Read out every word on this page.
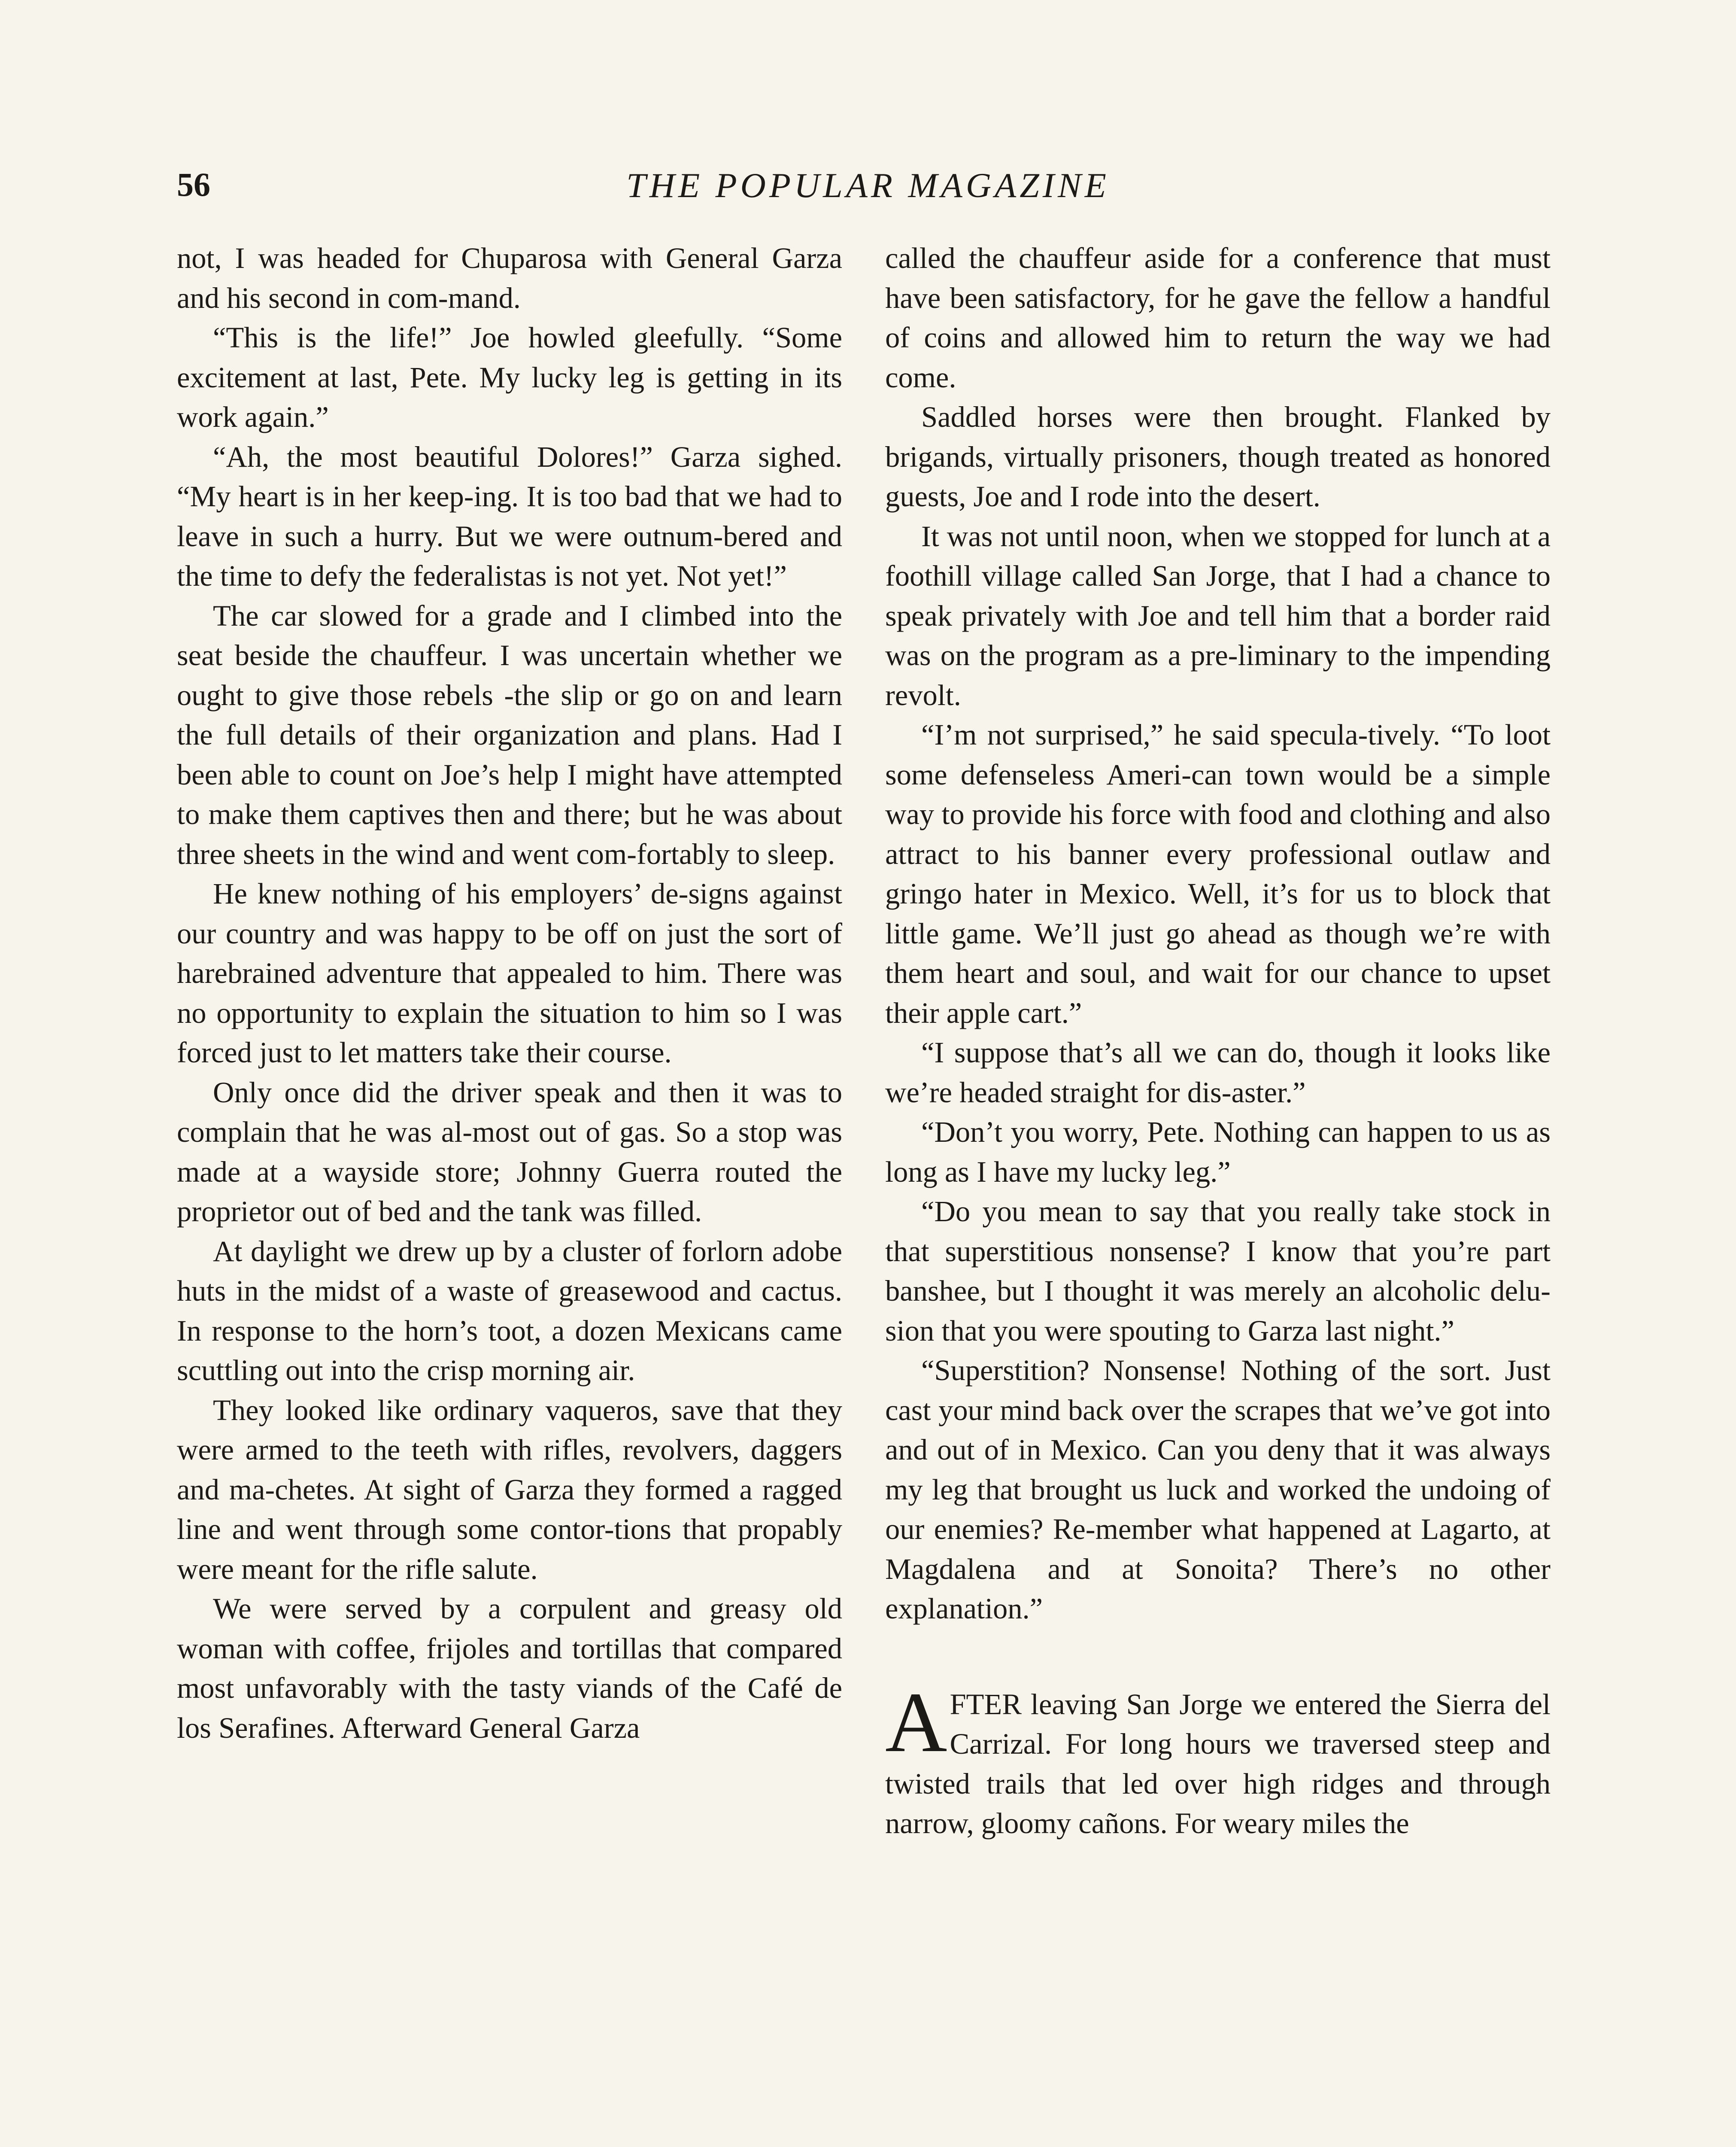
56	THE POPULAR MAGAZINE

not, I was headed for Chuparosa with General Garza and his second in com-mand.

“This is the life!” Joe howled gleefully. “Some excitement at last, Pete. My lucky leg is getting in its work again.”

“Ah, the most beautiful Dolores!” Garza sighed. “My heart is in her keep-ing. It is too bad that we had to leave in such a hurry. But we were outnum-bered and the time to defy the federalistas is not yet. Not yet!”

The car slowed for a grade and I climbed into the seat beside the chauffeur. I was uncertain whether we ought to give those rebels -the slip or go on and learn the full details of their organization and plans. Had I been able to count on Joe’s help I might have attempted to make them captives then and there; but he was about three sheets in the wind and went com-fortably to sleep.

He knew nothing of his employers’ de-signs against our country and was happy to be off on just the sort of harebrained adventure that appealed to him. There was no opportunity to explain the situation to him so I was forced just to let matters take their course.

Only once did the driver speak and then it was to complain that he was al-most out of gas. So a stop was made at a wayside store; Johnny Guerra routed the proprietor out of bed and the tank was filled.

At daylight we drew up by a cluster of forlorn adobe huts in the midst of a waste of greasewood and cactus. In response to the horn’s toot, a dozen Mexicans came scuttling out into the crisp morning air.

They looked like ordinary vaqueros, save that they were armed to the teeth with rifles, revolvers, daggers and ma-chetes. At sight of Garza they formed a ragged line and went through some contor-tions that propably were meant for the rifle salute.

We were served by a corpulent and greasy old woman with coffee, frijoles and tortillas that compared most unfavorably with the tasty viands of the Café de los Serafines. Afterward General Garza

called the chauffeur aside for a conference that must have been satisfactory, for he gave the fellow a handful of coins and allowed him to return the way we had come.

Saddled horses were then brought. Flanked by brigands, virtually prisoners, though treated as honored guests, Joe and I rode into the desert.

It was not until noon, when we stopped for lunch at a foothill village called San Jorge, that I had a chance to speak privately with Joe and tell him that a border raid was on the program as a pre-liminary to the impending revolt.

“I’m not surprised,” he said specula-tively. “To loot some defenseless Ameri-can town would be a simple way to provide his force with food and clothing and also attract to his banner every professional outlaw and gringo hater in Mexico. Well, it’s for us to block that little game. We’ll just go ahead as though we’re with them heart and soul, and wait for our chance to upset their apple cart.”

“I suppose that’s all we can do, though it looks like we’re headed straight for dis-aster.”

“Don’t you worry, Pete. Nothing can happen to us as long as I have my lucky leg.”

“Do you mean to say that you really take stock in that superstitious nonsense? I know that you’re part banshee, but I thought it was merely an alcoholic delu-sion that you were spouting to Garza last night.”

“Superstition? Nonsense! Nothing of the sort. Just cast your mind back over the scrapes that we’ve got into and out of in Mexico. Can you deny that it was always my leg that brought us luck and worked the undoing of our enemies? Re-member what happened at Lagarto, at Magdalena and at Sonoita? There’s no other explanation.”

AFTER leaving San Jorge we entered the Sierra del Carrizal. For long hours we traversed steep and twisted trails that led over high ridges and through narrow, gloomy cañons. For weary miles the
